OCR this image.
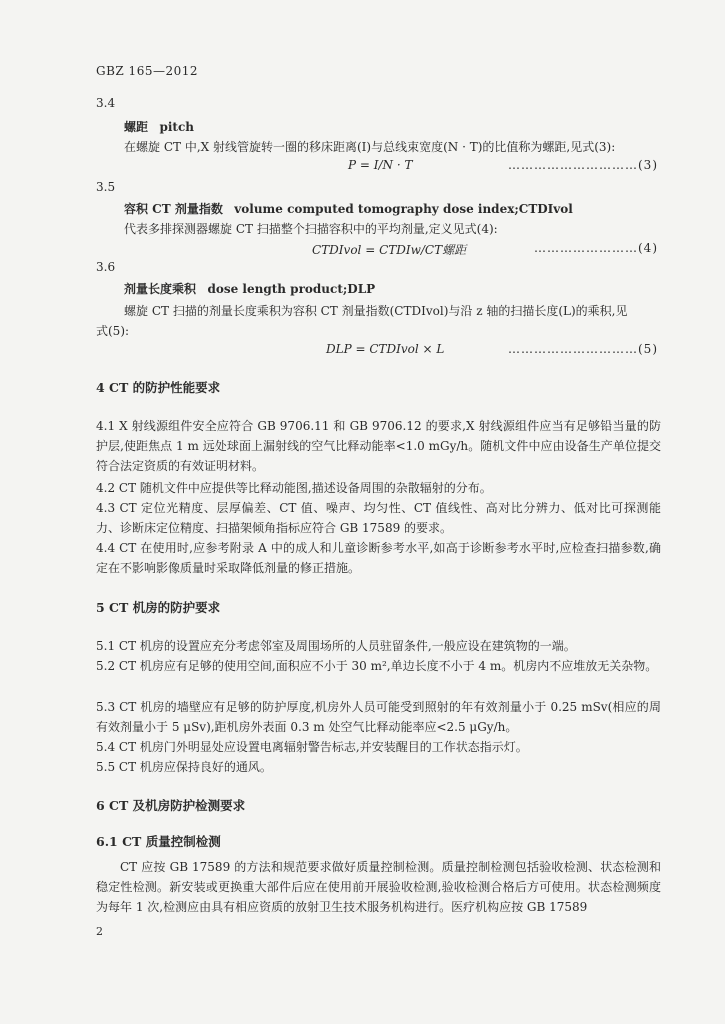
GBZ 165—2012
3.4
螺距 pitch
在螺旋 CT 中,X 射线管旋转一圈的移床距离(I)与总线束宽度(N · T)的比值称为螺距,见式(3):
P = I/N · T	…………………………(3)
3.5
容积 CT 剂量指数 volume computed tomography dose index;CTDIvol
代表多排探测器螺旋 CT 扫描整个扫描容积中的平均剂量,定义见式(4):
CTDIvol = CTDIw/CT螺距	……………………(4)
3.6
剂量长度乘积 dose length product;DLP
螺旋 CT 扫描的剂量长度乘积为容积 CT 剂量指数(CTDIvol)与沿 z 轴的扫描长度(L)的乘积,见
式(5):
DLP = CTDIvol × L	…………………………(5)
4 CT 的防护性能要求
4.1 X 射线源组件安全应符合 GB 9706.11 和 GB 9706.12 的要求,X 射线源组件应当有足够铅当量的防护层,使距焦点 1 m 远处球面上漏射线的空气比释动能率<1.0 mGy/h。随机文件中应由设备生产单位提交符合法定资质的有效证明材料。
4.2 CT 随机文件中应提供等比释动能图,描述设备周围的杂散辐射的分布。
4.3 CT 定位光精度、层厚偏差、CT 值、噪声、均匀性、CT 值线性、高对比分辨力、低对比可探测能力、诊断床定位精度、扫描架倾角指标应符合 GB 17589 的要求。
4.4 CT 在使用时,应参考附录 A 中的成人和儿童诊断参考水平,如高于诊断参考水平时,应检查扫描参数,确定在不影响影像质量时采取降低剂量的修正措施。
5 CT 机房的防护要求
5.1 CT 机房的设置应充分考虑邻室及周围场所的人员驻留条件,一般应设在建筑物的一端。
5.2 CT 机房应有足够的使用空间,面积应不小于 30 m²,单边长度不小于 4 m。机房内不应堆放无关杂物。
5.3 CT 机房的墙壁应有足够的防护厚度,机房外人员可能受到照射的年有效剂量小于 0.25 mSv(相应的周有效剂量小于 5 μSv),距机房外表面 0.3 m 处空气比释动能率应<2.5 μGy/h。
5.4 CT 机房门外明显处应设置电离辐射警告标志,并安装醒目的工作状态指示灯。
5.5 CT 机房应保持良好的通风。
6 CT 及机房防护检测要求
6.1 CT 质量控制检测
CT 应按 GB 17589 的方法和规范要求做好质量控制检测。质量控制检测包括验收检测、状态检测和稳定性检测。新安装或更换重大部件后应在使用前开展验收检测,验收检测合格后方可使用。状态检测频度为每年 1 次,检测应由具有相应资质的放射卫生技术服务机构进行。医疗机构应按 GB 17589
2
